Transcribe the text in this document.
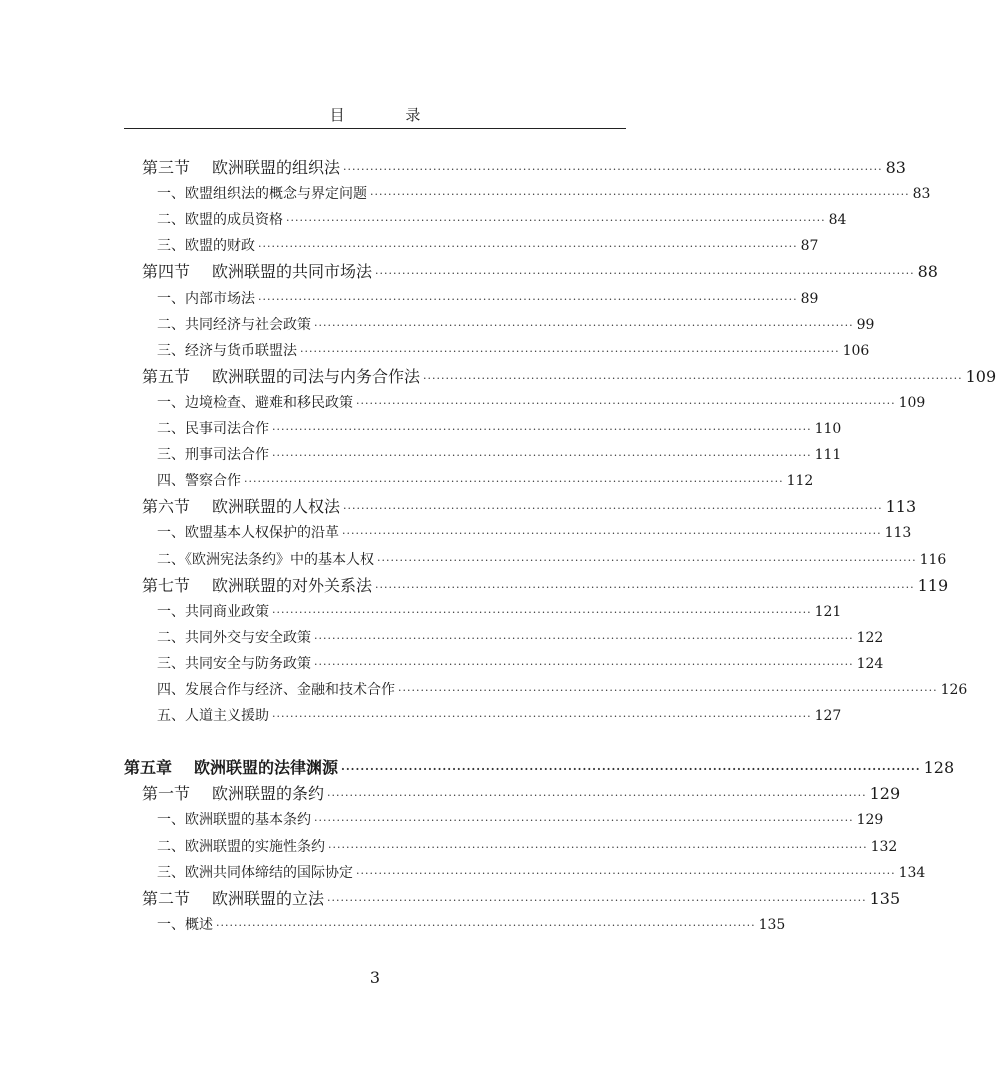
目 录
第三节 欧洲联盟的组织法 ························································································································ 83
一、欧盟组织法的概念与界定问题 ························································································································ 83
二、欧盟的成员资格 ························································································································ 84
三、欧盟的财政 ························································································································ 87
第四节 欧洲联盟的共同市场法 ························································································································ 88
一、内部市场法 ························································································································ 89
二、共同经济与社会政策 ························································································································ 99
三、经济与货币联盟法 ························································································································ 106
第五节 欧洲联盟的司法与内务合作法 ························································································································ 109
一、边境检查、避难和移民政策 ························································································································ 109
二、民事司法合作 ························································································································ 110
三、刑事司法合作 ························································································································ 111
四、警察合作 ························································································································ 112
第六节 欧洲联盟的人权法 ························································································································ 113
一、欧盟基本人权保护的沿革 ························································································································ 113
二、《欧洲宪法条约》中的基本人权 ························································································································ 116
第七节 欧洲联盟的对外关系法 ························································································································ 119
一、共同商业政策 ························································································································ 121
二、共同外交与安全政策 ························································································································ 122
三、共同安全与防务政策 ························································································································ 124
四、发展合作与经济、金融和技术合作 ························································································································ 126
五、人道主义援助 ························································································································ 127
第五章 欧洲联盟的法律渊源 ························································································································ 128
第一节 欧洲联盟的条约 ························································································································ 129
一、欧洲联盟的基本条约 ························································································································ 129
二、欧洲联盟的实施性条约 ························································································································ 132
三、欧洲共同体缔结的国际协定 ························································································································ 134
第二节 欧洲联盟的立法 ························································································································ 135
一、概述 ························································································································ 135
3
